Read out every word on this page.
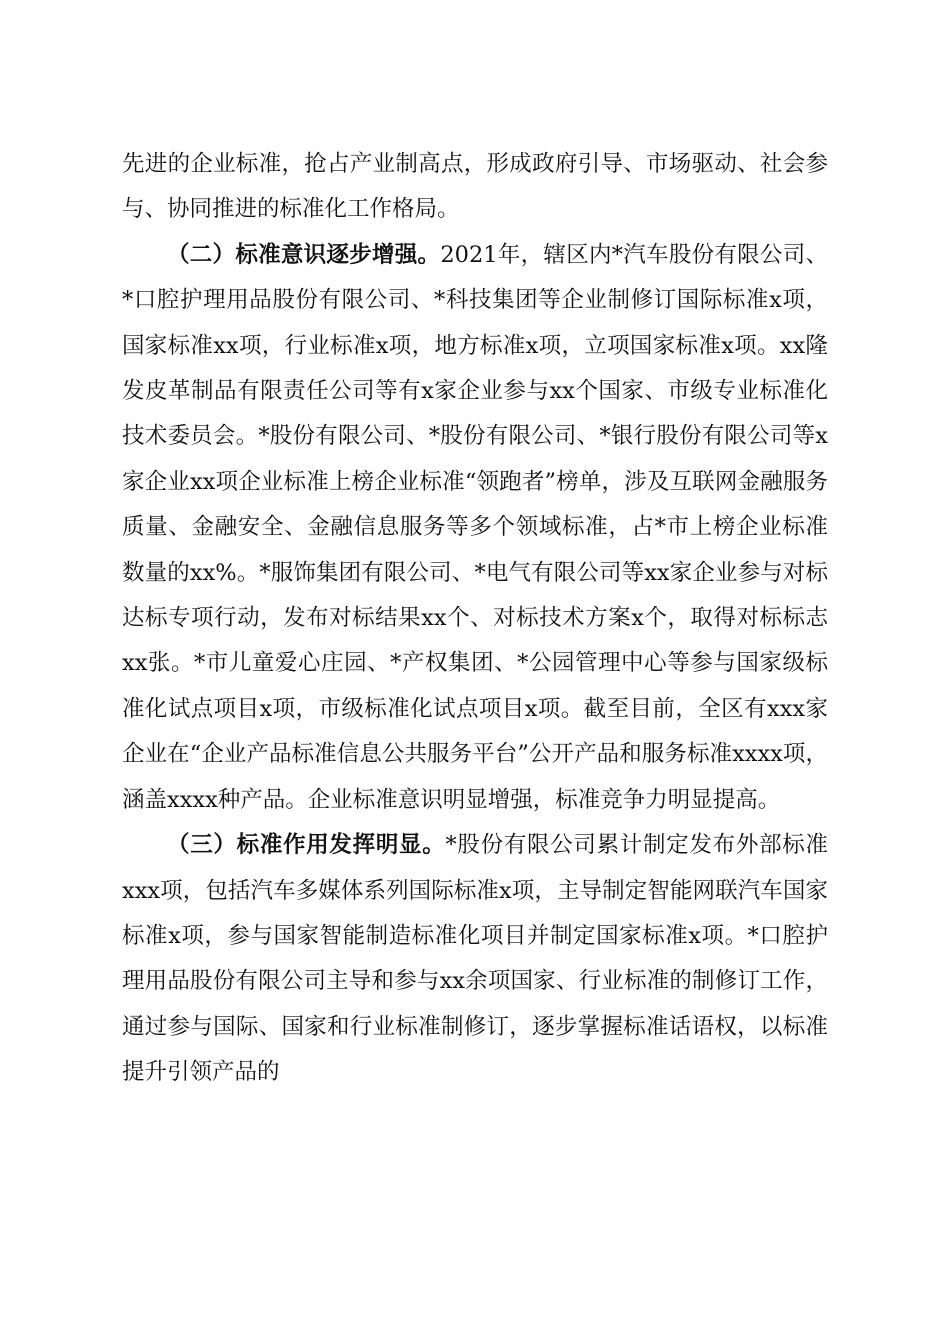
先进的企业标准，抢占产业制高点，形成政府引导、市场驱动、社会参与、协同推进的标准化工作格局。

（二）标准意识逐步增强。2021年，辖区内*汽车股份有限公司、*口腔护理用品股份有限公司、*科技集团等企业制修订国际标准x项，国家标准xx项，行业标准x项，地方标准x项，立项国家标准x项。xx隆发皮革制品有限责任公司等有x家企业参与xx个国家、市级专业标准化技术委员会。*股份有限公司、*股份有限公司、*银行股份有限公司等x家企业xx项企业标准上榜企业标准“领跑者”榜单，涉及互联网金融服务质量、金融安全、金融信息服务等多个领域标准，占*市上榜企业标准数量的xx%。*服饰集团有限公司、*电气有限公司等xx家企业参与对标达标专项行动，发布对标结果xx个、对标技术方案x个，取得对标标志xx张。*市儿童爱心庄园、*产权集团、*公园管理中心等参与国家级标准化试点项目x项，市级标准化试点项目x项。截至目前，全区有xxx家企业在“企业产品标准信息公共服务平台”公开产品和服务标准xxxx项，涵盖xxxx种产品。企业标准意识明显增强，标准竞争力明显提高。

（三）标准作用发挥明显。*股份有限公司累计制定发布外部标准xxx项，包括汽车多媒体系列国际标准x项，主导制定智能网联汽车国家标准x项，参与国家智能制造标准化项目并制定国家标准x项。*口腔护理用品股份有限公司主导和参与xx余项国家、行业标准的制修订工作，通过参与国际、国家和行业标准制修订，逐步掌握标准话语权，以标准提升引领产品的
